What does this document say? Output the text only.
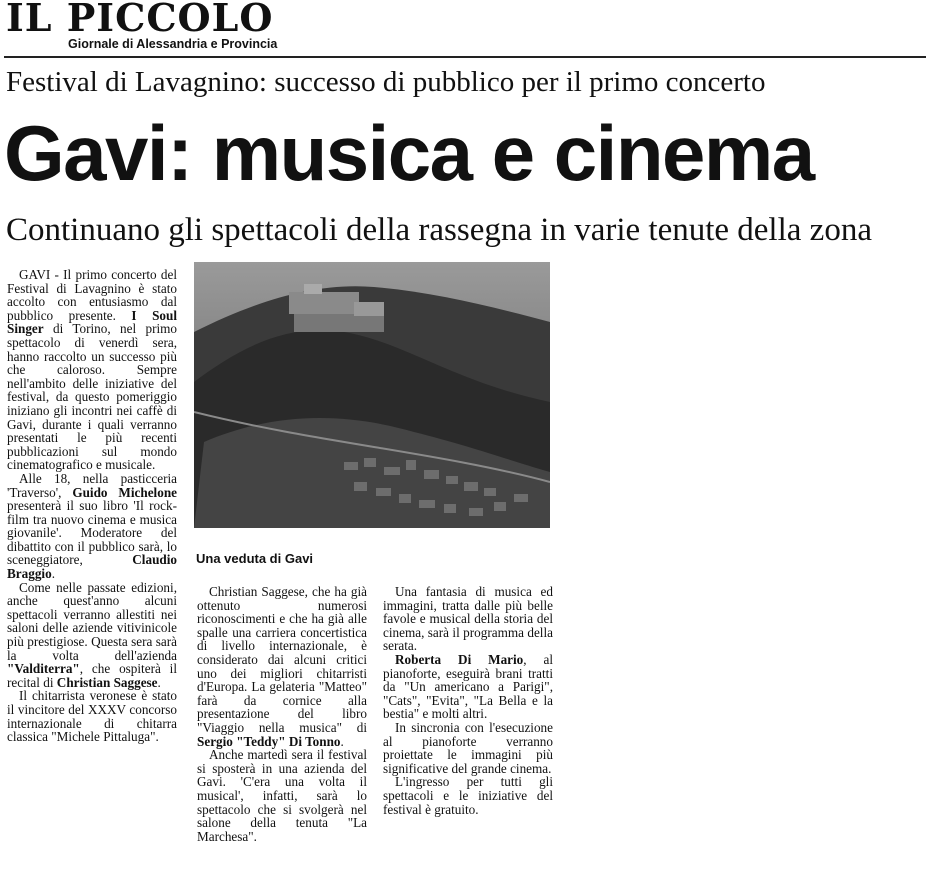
IL PICCOLO
Giornale di Alessandria e Provincia
Festival di Lavagnino: successo di pubblico per il primo concerto
Gavi: musica e cinema
Continuano gli spettacoli della rassegna in varie tenute della zona

GAVI - Il primo concerto del Festival di Lavagnino è stato accolto con entusiasmo dal pubblico presente. I Soul Singer di Torino, nel primo spettacolo di venerdì sera, hanno raccolto un successo più che caloroso. Sempre nell'ambito delle iniziative del festival, da questo pomeriggio iniziano gli incontri nei caffè di Gavi, durante i quali verranno presentati le più recenti pubblicazioni sul mondo cinematografico e musicale.

Alle 18, nella pasticceria 'Traverso', Guido Michelone presenterà il suo libro 'Il rock-film tra nuovo cinema e musica giovanile'. Moderatore del dibattito con il pubblico sarà, lo sceneggiatore, Claudio Braggio.

Come nelle passate edizioni, anche quest'anno alcuni spettacoli verranno allestiti nei saloni delle aziende vitivinicole più prestigiose. Questa sera sarà la volta dell'azienda "Valditerra", che ospiterà il recital di Christian Saggese.

Il chitarrista veronese è stato il vincitore del XXXV concorso internazionale di chitarra classica "Michele Pittaluga".

Una veduta di Gavi

Christian Saggese, che ha già ottenuto numerosi riconoscimenti e che ha già alle spalle una carriera concertistica di livello internazionale, è considerato dai alcuni critici uno dei migliori chitarristi d'Europa. La gelateria "Matteo" farà da cornice alla presentazione del libro "Viaggio nella musica" di Sergio "Teddy" Di Tonno.

Anche martedì sera il festival si sposterà in una azienda del Gavi. 'C'era una volta il musical', infatti, sarà lo spettacolo che si svolgerà nel salone della tenuta "La Marchesa".

Una fantasia di musica ed immagini, tratta dalle più belle favole e musical della storia del cinema, sarà il programma della serata.

Roberta Di Mario, al pianoforte, eseguirà brani tratti da "Un americano a Parigi", "Cats", "Evita", "La Bella e la bestia" e molti altri.

In sincronia con l'esecuzione al pianoforte verranno proiettate le immagini più significative del grande cinema.

L'ingresso per tutti gli spettacoli e le iniziative del festival è gratuito.
